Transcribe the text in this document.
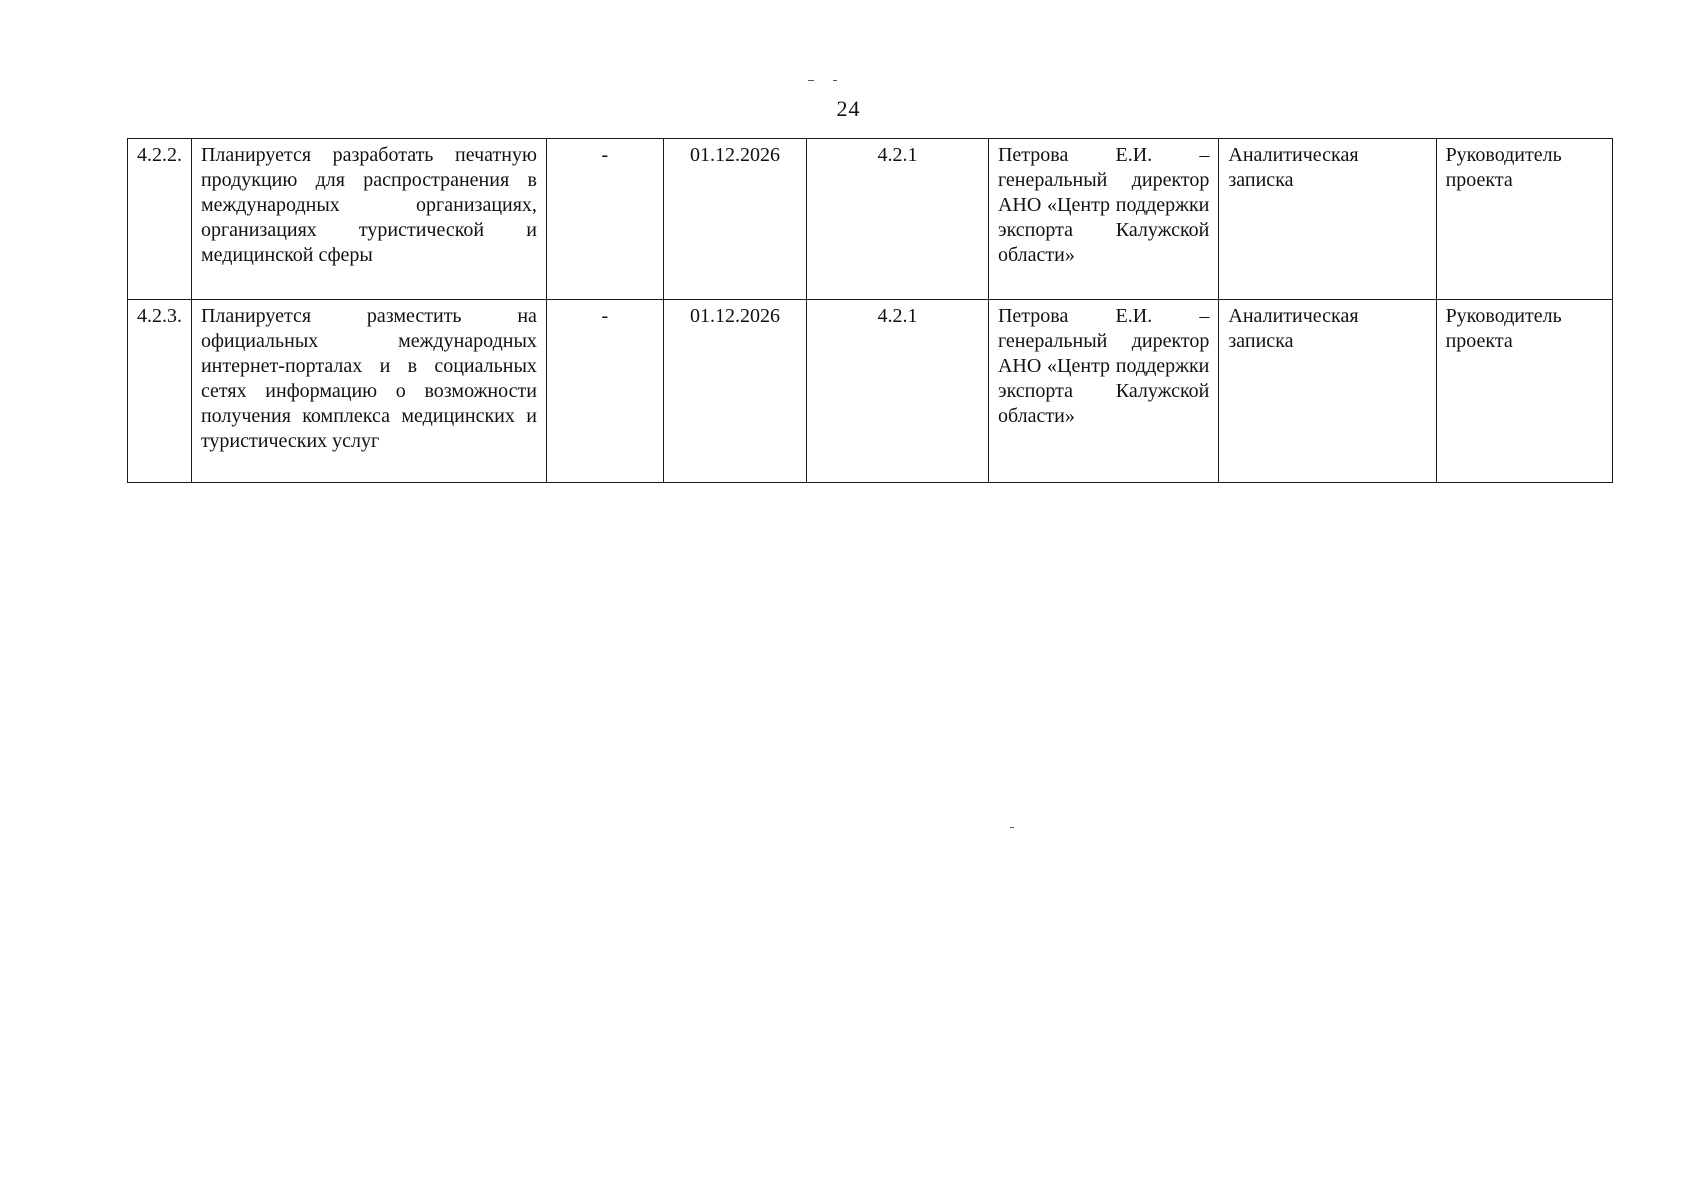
24
4.2.2.	Планируется разработать печатную продукцию для распространения в международных организациях, организациях туристической и медицинской сферы	-	01.12.2026	4.2.1	Петрова Е.И. – генеральный директор АНО «Центр поддержки экспорта Калужской области»	Аналитическая записка	Руководитель проекта
4.2.3.	Планируется разместить на официальных международных интернет-порталах и в социальных сетях информацию о возможности получения комплекса медицинских и туристических услуг	-	01.12.2026	4.2.1	Петрова Е.И. – генеральный директор АНО «Центр поддержки экспорта Калужской области»	Аналитическая записка	Руководитель проекта
